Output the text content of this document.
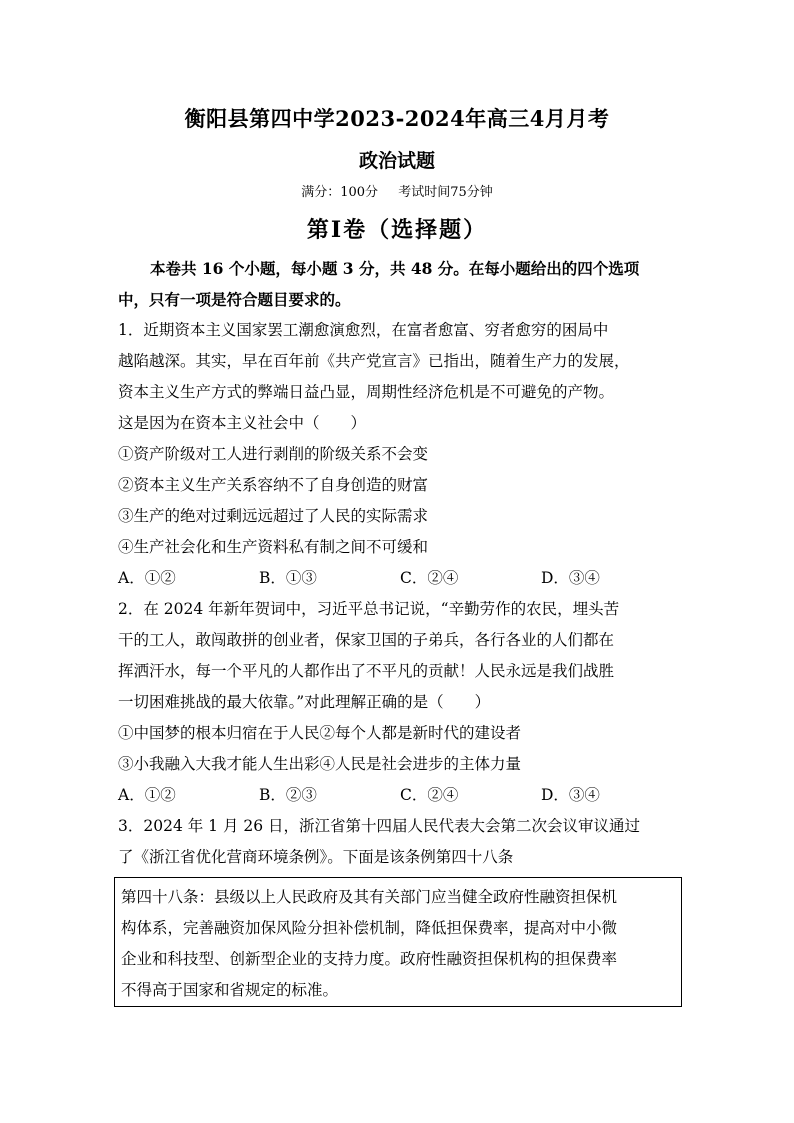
衡阳县第四中学2023-2024年高三4月月考
政治试题
满分：100分 考试时间75分钟
第Ⅰ卷（选择题）
本卷共 16 个小题，每小题 3 分，共 48 分。在每小题给出的四个选项
中，只有一项是符合题目要求的。
1．近期资本主义国家罢工潮愈演愈烈，在富者愈富、穷者愈穷的困局中
越陷越深。其实，早在百年前《共产党宣言》已指出，随着生产力的发展，
资本主义生产方式的弊端日益凸显，周期性经济危机是不可避免的产物。
这是因为在资本主义社会中（　　）
①资产阶级对工人进行剥削的阶级关系不会变
②资本主义生产关系容纳不了自身创造的财富
③生产的绝对过剩远远超过了人民的实际需求
④生产社会化和生产资料私有制之间不可缓和
A．①②	B．①③	C．②④	D．③④
2．在 2024 年新年贺词中，习近平总书记说，“辛勤劳作的农民，埋头苦
干的工人，敢闯敢拼的创业者，保家卫国的子弟兵，各行各业的人们都在
挥洒汗水，每一个平凡的人都作出了不平凡的贡献！人民永远是我们战胜
一切困难挑战的最大依靠。”对此理解正确的是（　　）
①中国梦的根本归宿在于人民②每个人都是新时代的建设者
③小我融入大我才能人生出彩④人民是社会进步的主体力量
A．①②	B．②③	C．②④	D．③④
3．2024 年 1 月 26 日，浙江省第十四届人民代表大会第二次会议审议通过
了《浙江省优化营商环境条例》。下面是该条例第四十八条
第四十八条：县级以上人民政府及其有关部门应当健全政府性融资担保机
构体系，完善融资加保风险分担补偿机制，降低担保费率，提高对中小微
企业和科技型、创新型企业的支持力度。政府性融资担保机构的担保费率
不得高于国家和省规定的标准。
